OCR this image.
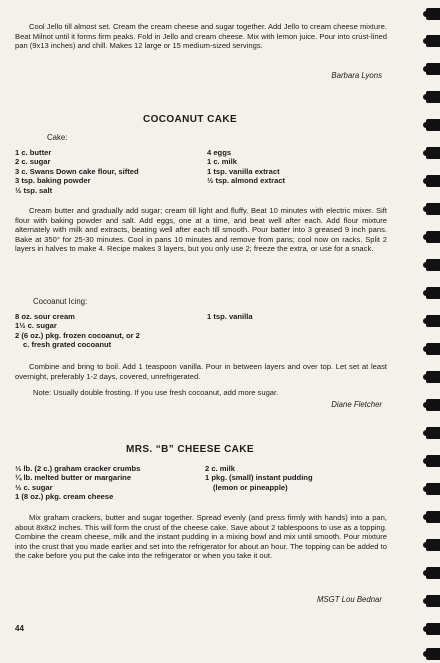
Cool Jello till almost set. Cream the cream cheese and sugar together. Add Jello to cream cheese mixture. Beat Milnot until it forms firm peaks. Fold in Jello and cream cheese. Mix with lemon juice. Pour into crust-lined pan (9x13 inches) and chill. Makes 12 large or 15 medium-sized servings.

Barbara Lyons
COCOANUT CAKE
Cake:
1 c. butter
2 c. sugar
3 c. Swans Down cake flour, sifted
3 tsp. baking powder
½ tsp. salt
4 eggs
1 c. milk
1 tsp. vanilla extract
½ tsp. almond extract

Cream butter and gradually add sugar; cream till light and fluffy. Beat 10 minutes with electric mixer. Sift flour with baking powder and salt. Add eggs, one at a time, and beat well after each. Add flour mixture alternately with milk and extracts, beating well after each till smooth. Pour batter into 3 greased 9 inch pans. Bake at 350° for 25-30 minutes. Cool in pans 10 minutes and remove from pans; cool now on racks. Split 2 layers in halves to make 4. Recipe makes 3 layers, but you only use 2; freeze the extra, or use for a snack.

Cocoanut Icing:
8 oz. sour cream
1½ c. sugar
2 (6 oz.) pkg. frozen cocoanut, or 2
c. fresh grated cocoanut
1 tsp. vanilla

Combine and bring to boil. Add 1 teaspoon vanilla. Pour in between layers and over top. Let set at least overnight, preferably 1-2 days, covered, unrefrigerated.

Note: Usually double frosting. If you use fresh cocoanut, add more sugar.

Diane Fletcher
MRS. “B” CHEESE CAKE
⅓ lb. (2 c.) graham cracker crumbs
¼ lb. melted butter or margarine
⅓ c. sugar
1 (8 oz.) pkg. cream cheese
2 c. milk
1 pkg. (small) instant pudding
(lemon or pineapple)

Mix graham crackers, butter and sugar together. Spread evenly (and press firmly with hands) into a pan, about 8x8x2 inches. This will form the crust of the cheese cake. Save about 2 tablespoons to use as a topping. Combine the cream cheese, milk and the instant pudding in a mixing bowl and mix until smooth. Pour mixture into the crust that you made earlier and set into the refrigerator for about an hour. The topping can be added to the cake before you put the cake into the refrigerator or when you take it out.

MSGT Lou Bednar
44
